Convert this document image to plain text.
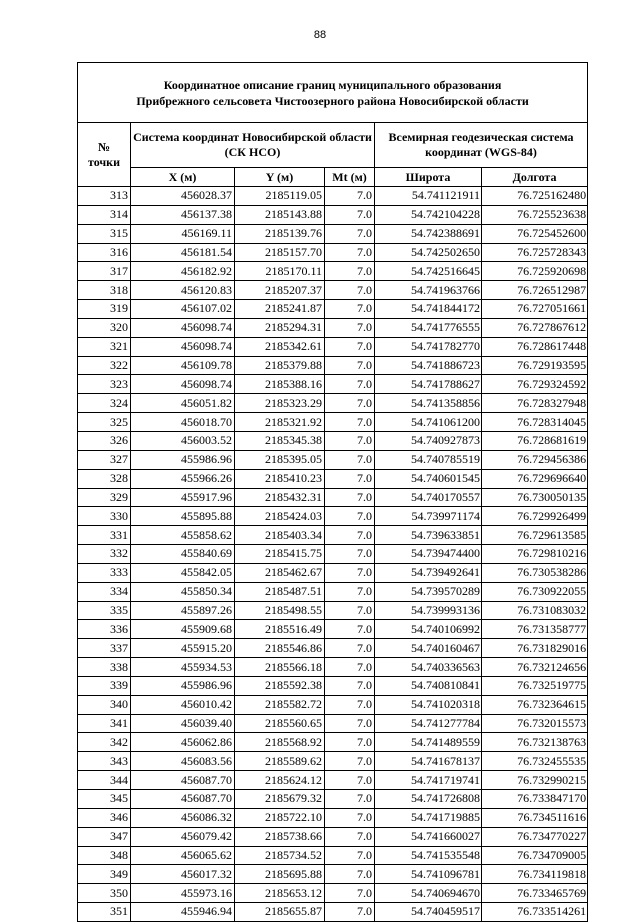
88
Координатное описание границ муниципального образования
Прибрежного сельсовета Чистоозерного района Новосибирской области					

№
точки	Система координат Новосибирской области (СК НСО)			Всемирная геодезическая система координат (WGS-84)	
	X (м)	Y (м)	Mt (м)	Широта	Долгота
313	456028.37	2185119.05	7.0	54.741121911	76.725162480
314	456137.38	2185143.88	7.0	54.742104228	76.725523638
315	456169.11	2185139.76	7.0	54.742388691	76.725452600
316	456181.54	2185157.70	7.0	54.742502650	76.725728343
317	456182.92	2185170.11	7.0	54.742516645	76.725920698
318	456120.83	2185207.37	7.0	54.741963766	76.726512987
319	456107.02	2185241.87	7.0	54.741844172	76.727051661
320	456098.74	2185294.31	7.0	54.741776555	76.727867612
321	456098.74	2185342.61	7.0	54.741782770	76.728617448
322	456109.78	2185379.88	7.0	54.741886723	76.729193595
323	456098.74	2185388.16	7.0	54.741788627	76.729324592
324	456051.82	2185323.29	7.0	54.741358856	76.728327948
325	456018.70	2185321.92	7.0	54.741061200	76.728314045
326	456003.52	2185345.38	7.0	54.740927873	76.728681619
327	455986.96	2185395.05	7.0	54.740785519	76.729456386
328	455966.26	2185410.23	7.0	54.740601545	76.729696640
329	455917.96	2185432.31	7.0	54.740170557	76.730050135
330	455895.88	2185424.03	7.0	54.739971174	76.729926499
331	455858.62	2185403.34	7.0	54.739633851	76.729613585
332	455840.69	2185415.75	7.0	54.739474400	76.729810216
333	455842.05	2185462.67	7.0	54.739492641	76.730538286
334	455850.34	2185487.51	7.0	54.739570289	76.730922055
335	455897.26	2185498.55	7.0	54.739993136	76.731083032
336	455909.68	2185516.49	7.0	54.740106992	76.731358777
337	455915.20	2185546.86	7.0	54.740160467	76.731829016
338	455934.53	2185566.18	7.0	54.740336563	76.732124656
339	455986.96	2185592.38	7.0	54.740810841	76.732519775
340	456010.42	2185582.72	7.0	54.741020318	76.732364615
341	456039.40	2185560.65	7.0	54.741277784	76.732015573
342	456062.86	2185568.92	7.0	54.741489559	76.732138763
343	456083.56	2185589.62	7.0	54.741678137	76.732455535
344	456087.70	2185624.12	7.0	54.741719741	76.732990215
345	456087.70	2185679.32	7.0	54.741726808	76.733847170
346	456086.32	2185722.10	7.0	54.741719885	76.734511616
347	456079.42	2185738.66	7.0	54.741660027	76.734770227
348	456065.62	2185734.52	7.0	54.741535548	76.734709005
349	456017.32	2185695.88	7.0	54.741096781	76.734119818
350	455973.16	2185653.12	7.0	54.740694670	76.733465769
351	455946.94	2185655.87	7.0	54.740459517	76.733514261
